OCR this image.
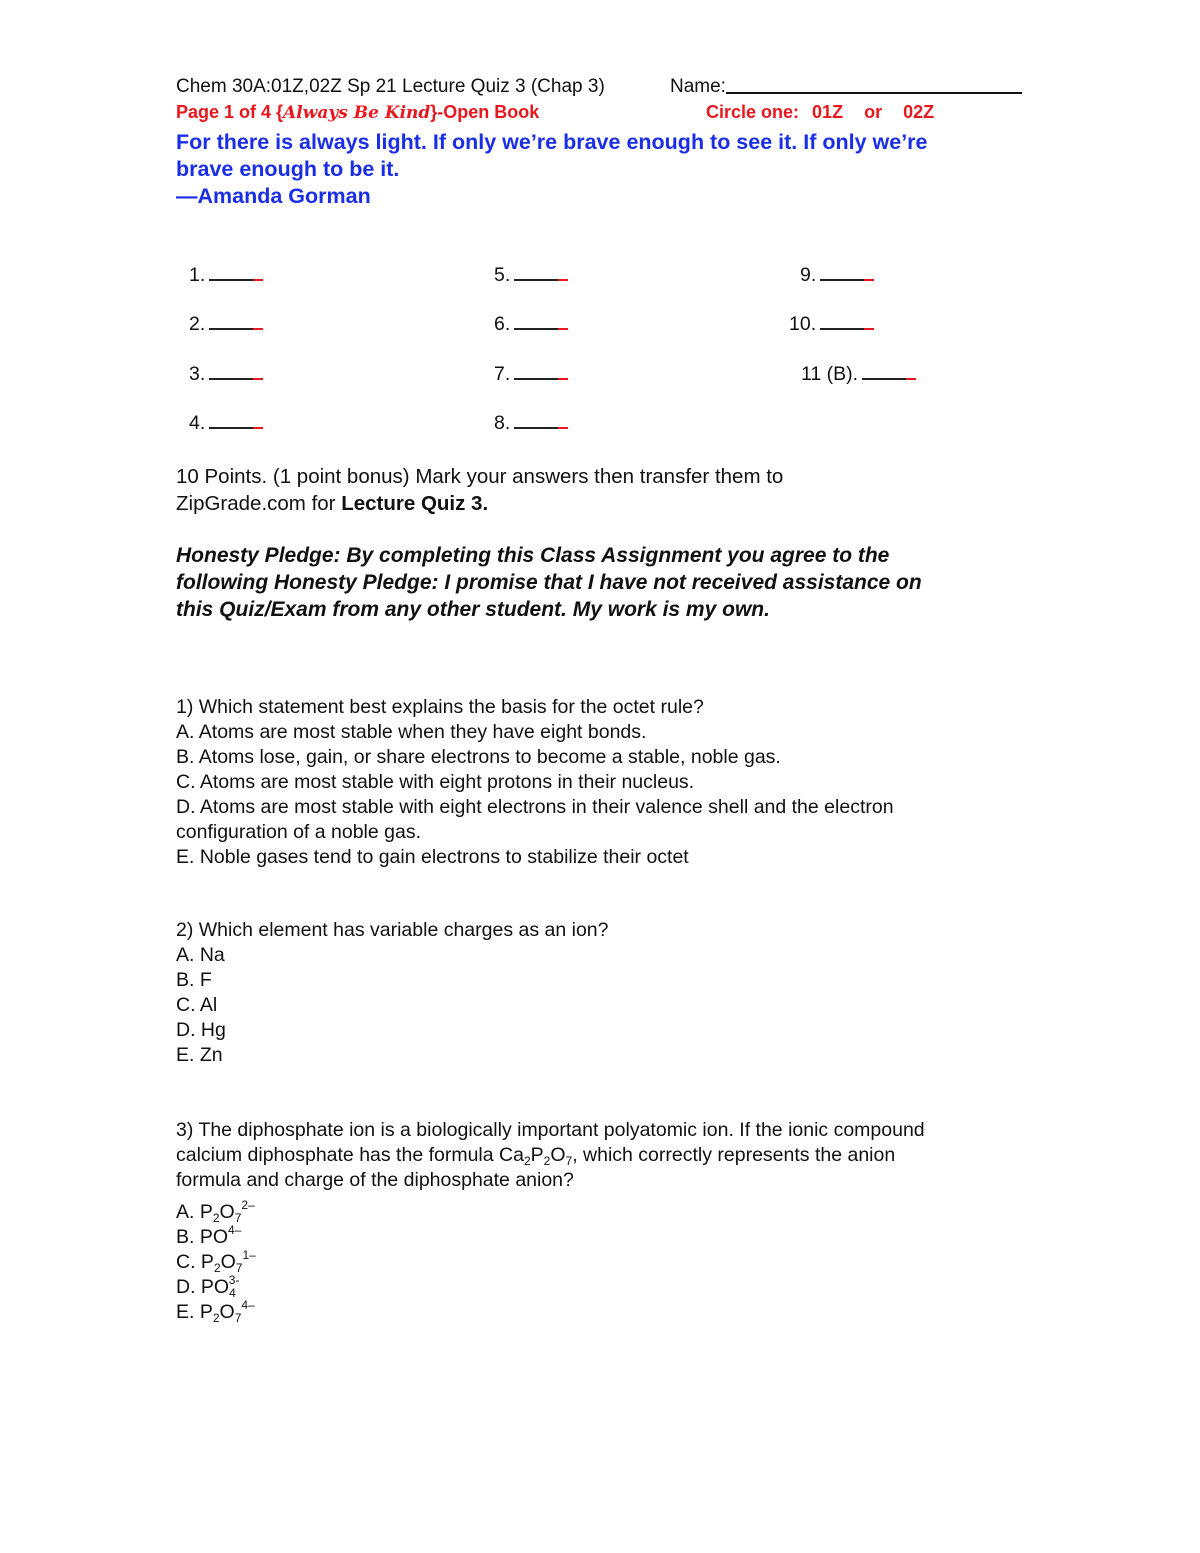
Chem 30A:01Z,02Z Sp 21 Lecture Quiz 3 (Chap 3)	Name:
Page 1 of 4 {Always Be Kind}-Open Book	Circle one: 01Z or 02Z
For there is always light. If only we’re brave enough to see it. If only we’re
brave enough to be it.
—Amanda Gorman
1.
2.
3.
4.
5.
6.
7.
8.
9.
10.
11 (B).
10 Points. (1 point bonus) Mark your answers then transfer them to
ZipGrade.com for Lecture Quiz 3.
Honesty Pledge: By completing this Class Assignment you agree to the
following Honesty Pledge: I promise that I have not received assistance on
this Quiz/Exam from any other student. My work is my own.
1) Which statement best explains the basis for the octet rule?
A. Atoms are most stable when they have eight bonds.
B. Atoms lose, gain, or share electrons to become a stable, noble gas.
C. Atoms are most stable with eight protons in their nucleus.
D. Atoms are most stable with eight electrons in their valence shell and the electron
configuration of a noble gas.
E. Noble gases tend to gain electrons to stabilize their octet
2) Which element has variable charges as an ion?
A. Na
B. F
C. Al
D. Hg
E. Zn
3) The diphosphate ion is a biologically important polyatomic ion. If the ionic compound
calcium diphosphate has the formula $Ca_2P_2O_7$, which correctly represents the anion
formula and charge of the diphosphate anion?
A. $P_2O_7^{2-}$
B. $PO^{4-}$
C. $P_2O_7^{1-}$
D. $PO_4^{3-}$
E. $P_2O_7^{4-}$
